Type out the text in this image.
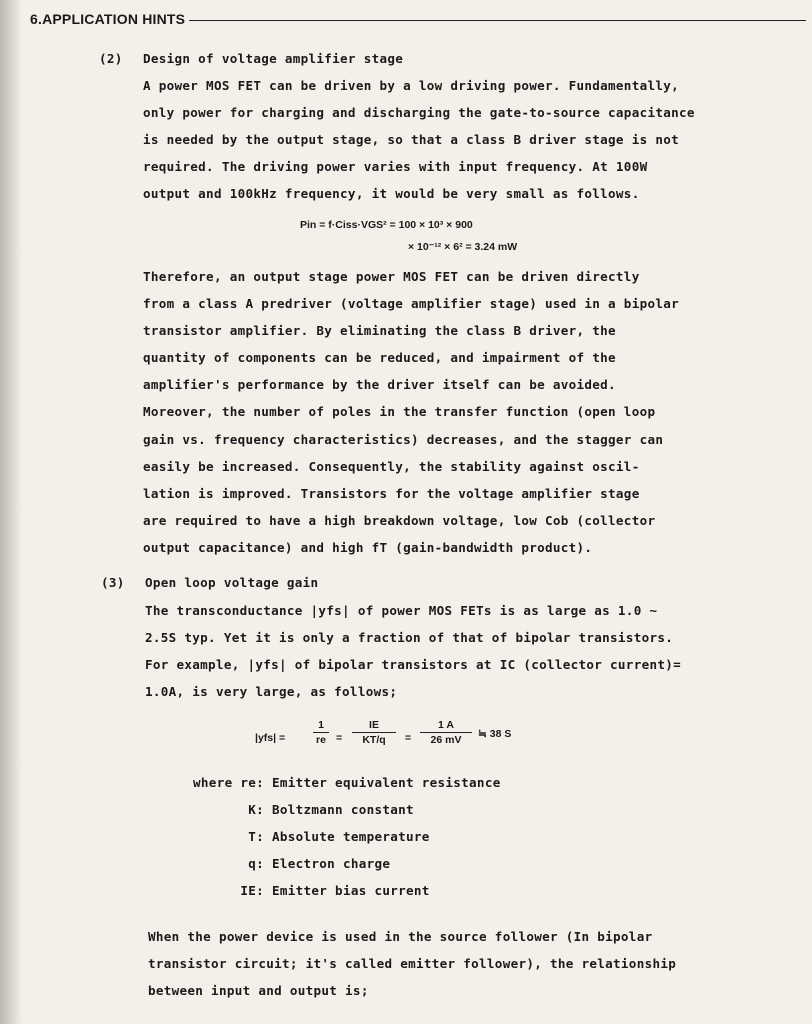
6.APPLICATION HINTS
(2) Design of voltage amplifier stage
A power MOS FET can be driven by a low driving power. Fundamentally,
only power for charging and discharging the gate-to-source capacitance
is needed by the output stage, so that a class B driver stage is not
required. The driving power varies with input frequency. At 100W
output and 100kHz frequency, it would be very small as follows.
Pin = f·Ciss·VGS² = 100 × 10³ × 900
× 10⁻¹² × 6² = 3.24 mW
Therefore, an output stage power MOS FET can be driven directly
from a class A predriver (voltage amplifier stage) used in a bipolar
transistor amplifier. By eliminating the class B driver, the
quantity of components can be reduced, and impairment of the
amplifier's performance by the driver itself can be avoided.
Moreover, the number of poles in the transfer function (open loop
gain vs. frequency characteristics) decreases, and the stagger can
easily be increased. Consequently, the stability against oscil-
lation is improved. Transistors for the voltage amplifier stage
are required to have a high breakdown voltage, low Cob (collector
output capacitance) and high fT (gain-bandwidth product).
(3) Open loop voltage gain
The transconductance |yfs| of power MOS FETs is as large as 1.0 ~
2.5S typ. Yet it is only a fraction of that of bipolar transistors.
For example, |yfs| of bipolar transistors at IC (collector current)=
1.0A, is very large, as follows;
|yfs| =
1
re =
IE
KT/q	=
1 A
26 mV	≒ 38 S
where re: Emitter equivalent resistance
K: Boltzmann constant
T: Absolute temperature
q: Electron charge
IE: Emitter bias current
When the power device is used in the source follower (In bipolar
transistor circuit; it's called emitter follower), the relationship
between input and output is;
